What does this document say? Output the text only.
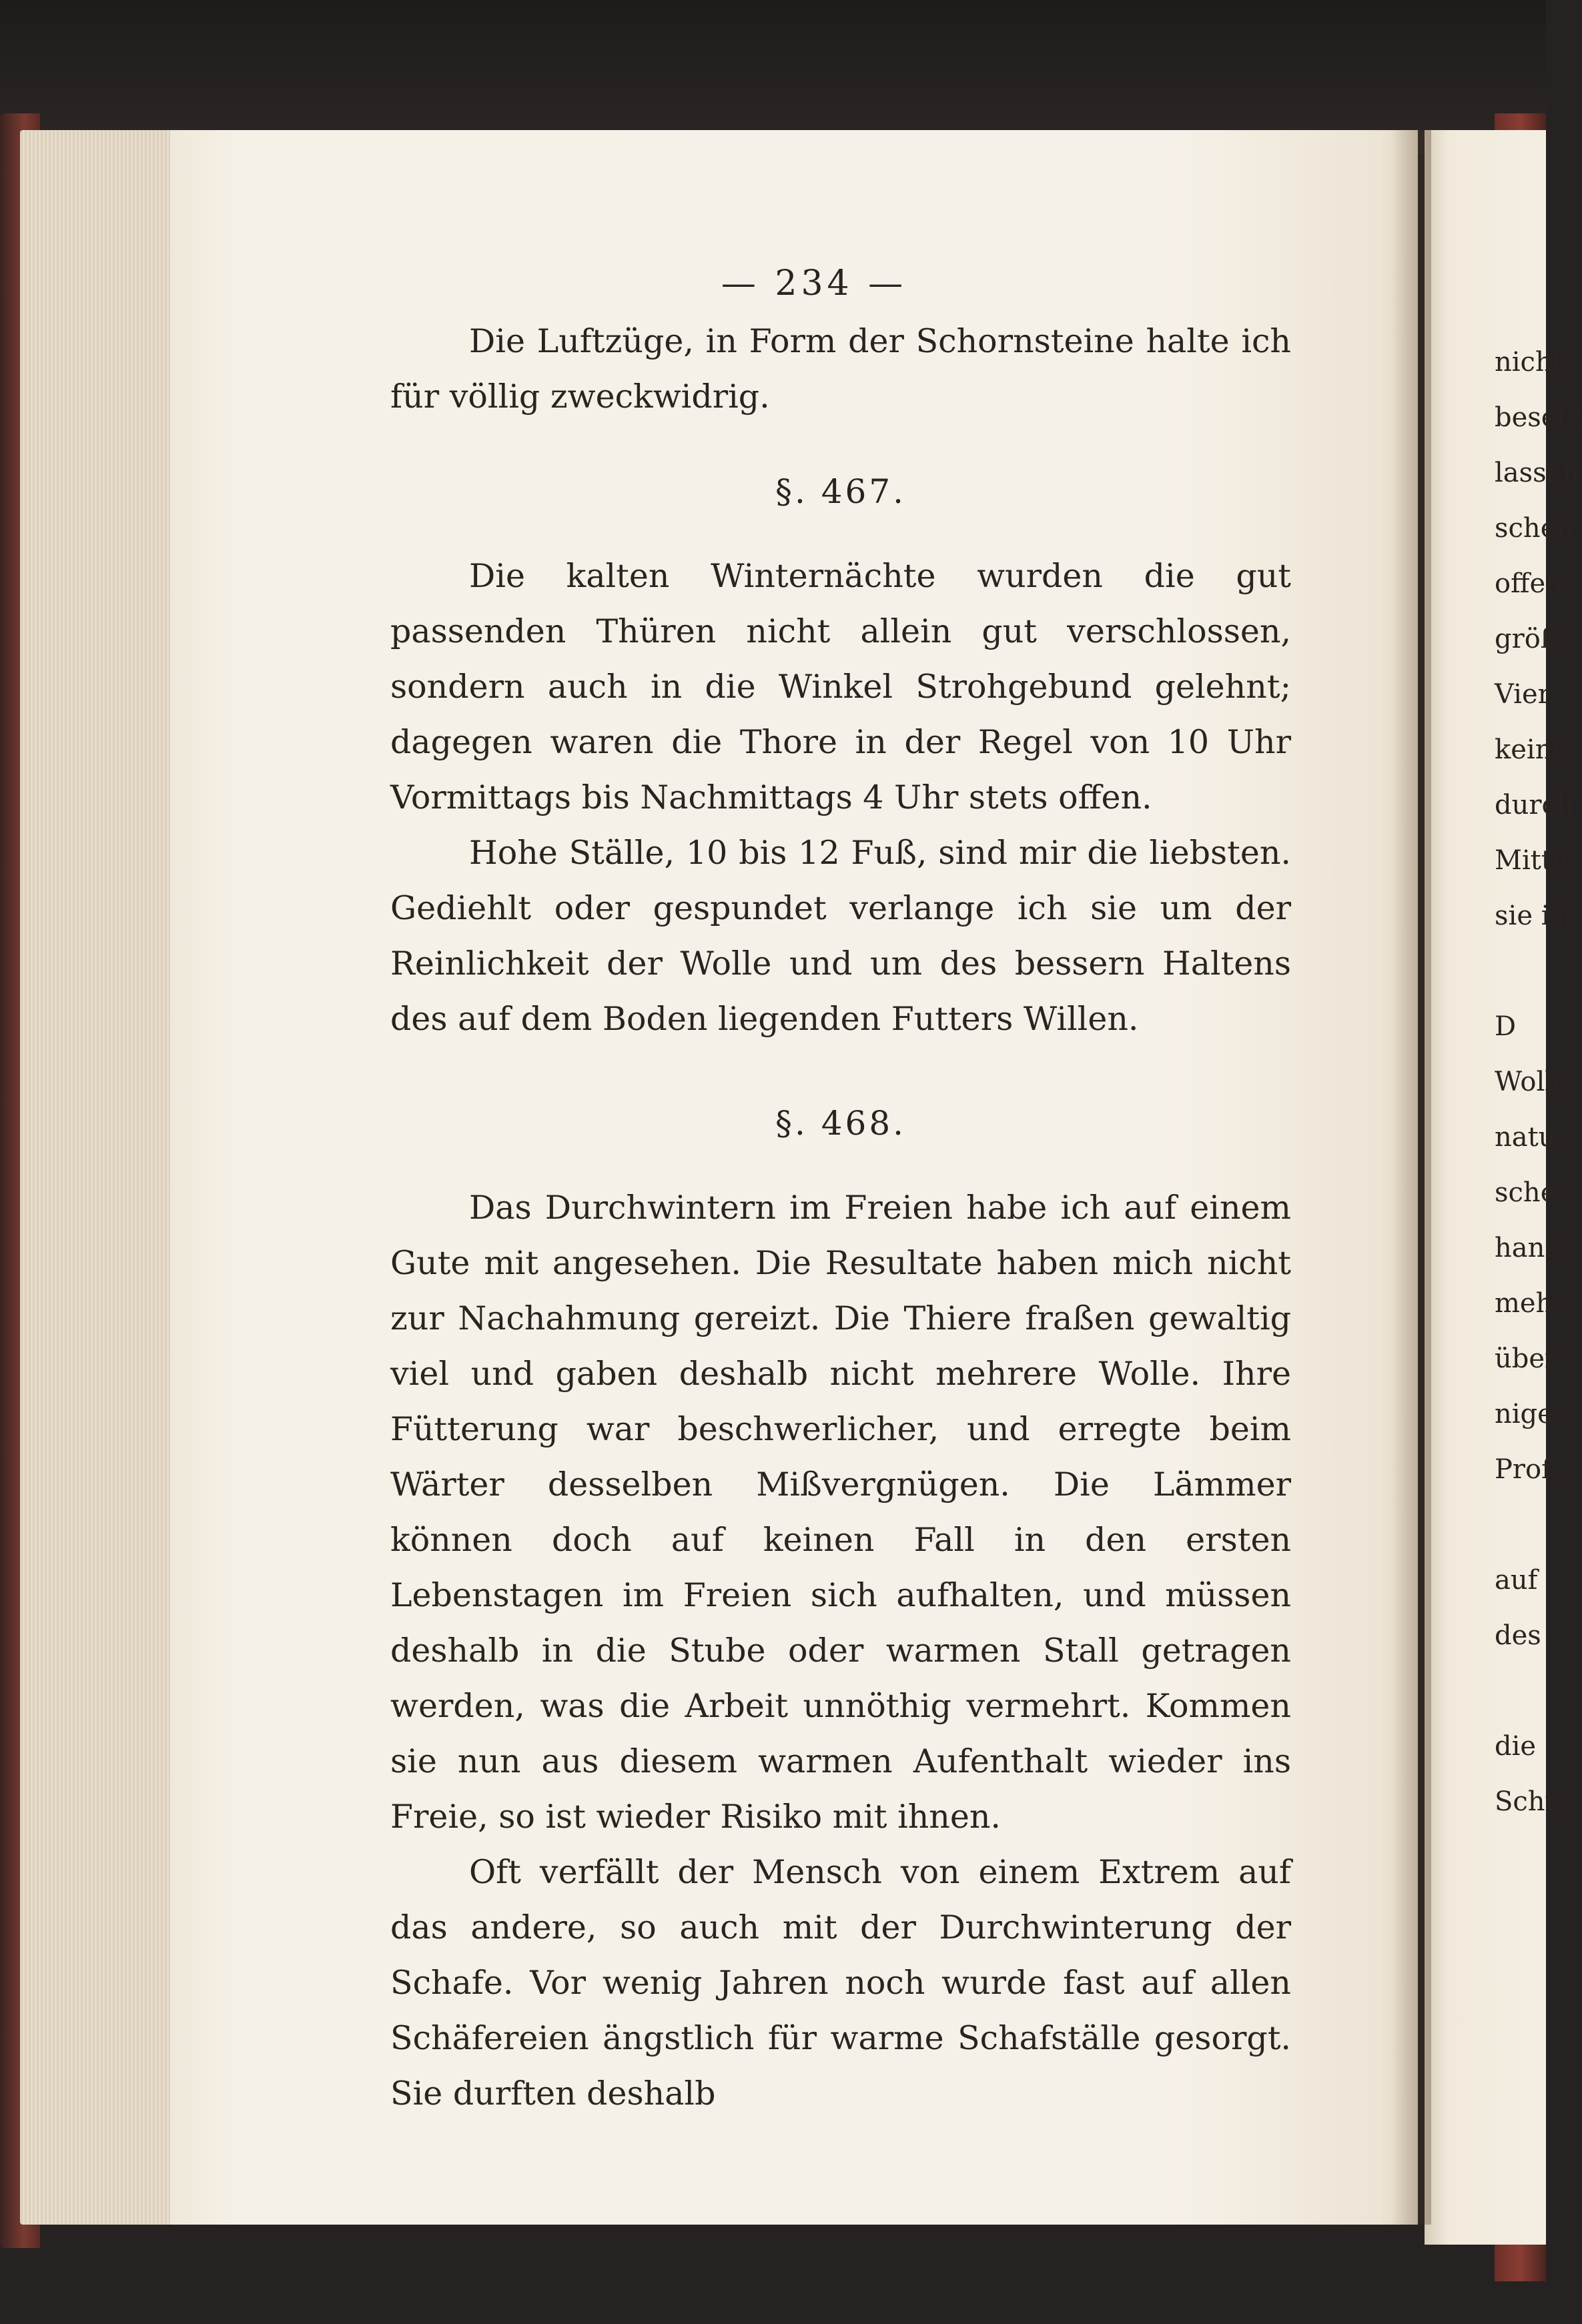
— 234 —

Die Luftzüge, in Form der Schornsteine halte ich für völlig zweckwidrig.

§. 467.

Die kalten Winternächte wurden die gut passenden Thüren nicht allein gut verschlossen, sondern auch in die Winkel Strohgebund gelehnt; dagegen waren die Thore in der Regel von 10 Uhr Vormittags bis Nachmittags 4 Uhr stets offen.

Hohe Ställe, 10 bis 12 Fuß, sind mir die liebsten. Gediehlt oder gespundet verlange ich sie um der Reinlichkeit der Wolle und um des bessern Haltens des auf dem Boden liegenden Futters Willen.

§. 468.

Das Durchwintern im Freien habe ich auf einem Gute mit angesehen. Die Resultate haben mich nicht zur Nachahmung gereizt. Die Thiere fraßen gewaltig viel und gaben deshalb nicht mehrere Wolle. Ihre Fütterung war beschwerlicher, und erregte beim Wärter desselben Mißvergnügen. Die Lämmer können doch auf keinen Fall in den ersten Lebenstagen im Freien sich aufhalten, und müssen deshalb in die Stube oder warmen Stall getragen werden, was die Arbeit unnöthig vermehrt. Kommen sie nun aus diesem warmen Aufenthalt wieder ins Freie, so ist wieder Risiko mit ihnen.

Oft verfällt der Mensch von einem Extrem auf das andere, so auch mit der Durchwinterung der Schafe. Vor wenig Jahren noch wurde fast auf allen Schäfereien ängstlich für warme Schafställe gesorgt. Sie durften deshalb

nicht
besetz
lassen
schen
offen
größ
Vier
keine
durch
Mitte
sie ist
D
Wolle
natu
sche
hand
mehr
über
niges
Prof.
auf
des
die
Schu
